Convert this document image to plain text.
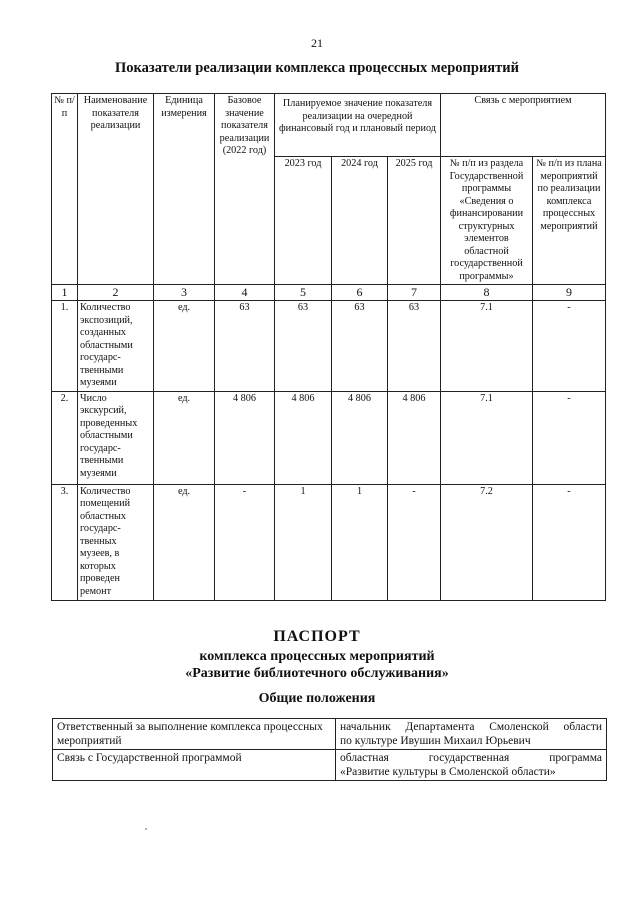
21
Показатели реализации комплекса процессных мероприятий
№ п/п	Наименование показателя реализации	Единица измерения	Базовое значение показателя реализации (2022 год)	Планируемое значение показателя реализации на очередной финансовый год и плановый период			Связь с мероприятием	
				2023 год	2024 год	2025 год	№ п/п из раздела Государственной программы «Сведения о финансировании структурных элементов областной государственной программы»	№ п/п из плана мероприятий по реализации комплекса процессных мероприятий
1	2	3	4	5	6	7	8	9
1.	Количество экспозиций, созданных областными государс-твенными музеями	ед.	63	63	63	63	7.1	-
2.	Число экскурсий, проведенных областными государс-твенными музеями	ед.	4 806	4 806	4 806	4 806	7.1	-
3.	Количество помещений областных государс-твенных музеев, в которых проведен ремонт	ед.	-	1	1	-	7.2	-
ПАСПОРТ
комплекса процессных мероприятий
«Развитие библиотечного обслуживания»
Общие положения
Ответственный за выполнение комплекса процессных мероприятий	начальник Департамента Смоленской области
по культуре Ивушин Михаил Юрьевич

Связь с Государственной программой	областная государственная программа
«Развитие культуры в Смоленской области»
